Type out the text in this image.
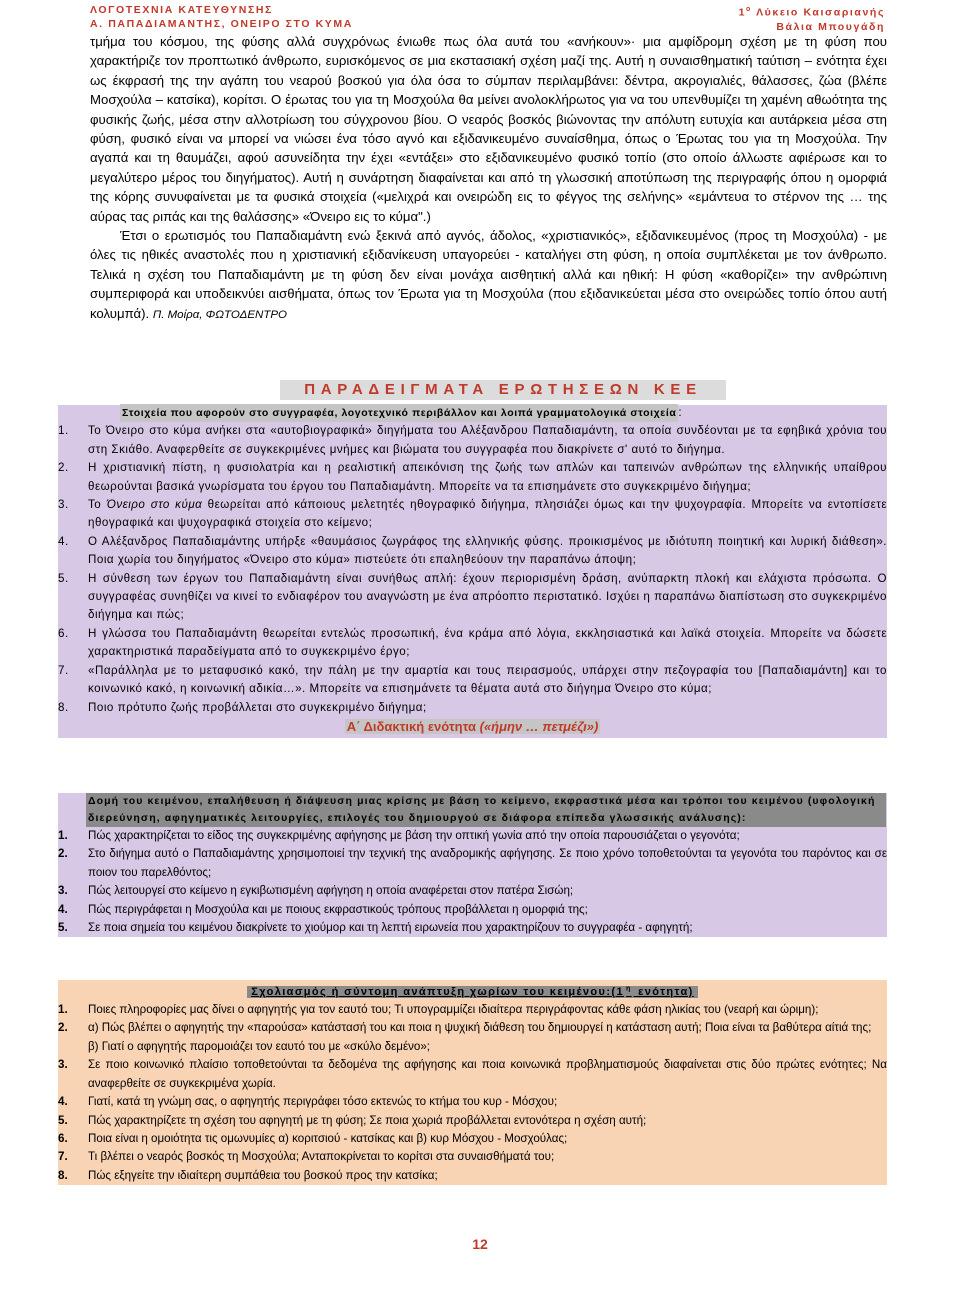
ΛΟΓΟΤΕΧΝΙΑ ΚΑΤΕΥΘΥΝΣΗΣ
Α. ΠΑΠΑΔΙΑΜΑΝΤΗΣ, ΟΝΕΙΡΟ ΣΤΟ ΚΥΜΑ
$1^o$ Λύκειο Καισαριανής
Βάλια Μπουγάδη

τμήμα του κόσμου, της φύσης αλλά συγχρόνως ένιωθε πως όλα αυτά του «ανήκουν»· μια αμφίδρομη σχέση με τη φύση που χαρακτήριζε τον προπτωτικό άνθρωπο, ευρισκόμενος σε μια εκστασιακή σχέση μαζί της. Αυτή η συναισθηματική ταύτιση – ενότητα έχει ως έκφρασή της την αγάπη του νεαρού βοσκού για όλα όσα το σύμπαν περιλαμβάνει: δέντρα, ακρογιαλιές, θάλασσες, ζώα (βλέπε Μοσχούλα – κατσίκα), κορίτσι. Ο έρωτας του για τη Μοσχούλα θα μείνει ανολοκλήρωτος για να του υπενθυμίζει τη χαμένη αθωότητα της φυσικής ζωής, μέσα στην αλλοτρίωση του σύγχρονου βίου. Ο νεαρός βοσκός βιώνοντας την απόλυτη ευτυχία και αυτάρκεια μέσα στη φύση, φυσικό είναι να μπορεί να νιώσει ένα τόσο αγνό και εξιδανικευμένο συναίσθημα, όπως ο Έρωτας του για τη Μοσχούλα. Την αγαπά και τη θαυμάζει, αφού ασυνείδητα την έχει «εντάξει» στο εξιδανικευμένο φυσικό τοπίο (στο οποίο άλλωστε αφιέρωσε και το μεγαλύτερο μέρος του διηγήματος). Αυτή η συνάρτηση διαφαίνεται και από τη γλωσσική αποτύπωση της περιγραφής όπου η ομορφιά της κόρης συνυφαίνεται με τα φυσικά στοιχεία («μελιχρά και ονειρώδη εις το φέγγος της σελήνης» «εμάντευα το στέρνον της … της αύρας τας ριπάς και της θαλάσσης» «Όνειρο εις το κύμα".)

Έτσι ο ερωτισμός του Παπαδιαμάντη ενώ ξεκινά από αγνός, άδολος, «χριστιανικός», εξιδανικευμένος (προς τη Μοσχούλα) - με όλες τις ηθικές αναστολές που η χριστιανική εξιδανίκευση υπαγορεύει - καταλήγει στη φύση, η οποία συμπλέκεται με τον άνθρωπο. Τελικά η σχέση του Παπαδιαμάντη με τη φύση δεν είναι μονάχα αισθητική αλλά και ηθική: Η φύση «καθορίζει» την ανθρώπινη συμπεριφορά και υποδεικνύει αισθήματα, όπως τον Έρωτα για τη Μοσχούλα (που εξιδανικεύεται μέσα στο ονειρώδες τοπίο όπου αυτή κολυμπά). Π. Μοίρα, ΦΩΤΟΔΕΝΤΡΟ

ΠΑΡΑΔΕΙΓΜΑΤΑ ΕΡΩΤΗΣΕΩΝ ΚΕΕ
Στοιχεία που αφορούν στο συγγραφέα, λογοτεχνικό περιβάλλον και λοιπά γραμματολογικά στοιχεία :
1. Το Όνειρο στο κύμα ανήκει στα «αυτοβιογραφικά» διηγήματα του Αλέξανδρου Παπαδιαμάντη, τα οποία συνδέονται με τα εφηβικά χρόνια του στη Σκιάθο. Αναφερθείτε σε συγκεκριμένες μνήμες και βιώματα του συγγραφέα που διακρίνετε σ' αυτό το διήγημα.
2. Η χριστιανική πίστη, η φυσιολατρία και η ρεαλιστική απεικόνιση της ζωής των απλών και ταπεινών ανθρώπων της ελληνικής υπαίθρου θεωρούνται βασικά γνωρίσματα του έργου του Παπαδιαμάντη. Μπορείτε να τα επισημάνετε στο συγκεκριμένο διήγημα;
3. Το Όνειρο στο κύμα θεωρείται από κάποιους μελετητές ηθογραφικό διήγημα, πλησιάζει όμως και την ψυχογραφία. Μπορείτε να εντοπίσετε ηθογραφικά και ψυχογραφικά στοιχεία στο κείμενο;
4. Ο Αλέξανδρος Παπαδιαμάντης υπήρξε «θαυμάσιος ζωγράφος της ελληνικής φύσης. προικισμένος με ιδιότυπη ποιητική και λυρική διάθεση». Ποια χωρία του διηγήματος «Όνειρο στο κύμα» πιστεύετε ότι επαληθεύουν την παραπάνω άποψη;
5. Η σύνθεση των έργων του Παπαδιαμάντη είναι συνήθως απλή: έχουν περιορισμένη δράση, ανύπαρκτη πλοκή και ελάχιστα πρόσωπα. Ο συγγραφέας συνηθίζει να κινεί το ενδιαφέρον του αναγνώστη με ένα απρόοπτο περιστατικό. Ισχύει η παραπάνω διαπίστωση στο συγκεκριμένο διήγημα και πώς;
6. Η γλώσσα του Παπαδιαμάντη θεωρείται εντελώς προσωπική, ένα κράμα από λόγια, εκκλησιαστικά και λαϊκά στοιχεία. Μπορείτε να δώσετε χαρακτηριστικά παραδείγματα από το συγκεκριμένο έργο;
7. «Παράλληλα με το μεταφυσικό κακό, την πάλη με την αμαρτία και τους πειρασμούς, υπάρχει στην πεζογραφία του [Παπαδιαμάντη] και το κοινωνικό κακό, η κοινωνική αδικία…». Μπορείτε να επισημάνετε τα θέματα αυτά στο διήγημα Όνειρο στο κύμα;
8. Ποιο πρότυπο ζωής προβάλλεται στο συγκεκριμένο διήγημα;
Α΄ Διδακτική ενότητα («ήμην … πετμέζι»)
Δομή του κειμένου, επαλήθευση ή διάψευση μιας κρίσης με βάση το κείμενο, εκφραστικά μέσα και τρόποι του κειμένου (υφολογική διερεύνηση, αφηγηματικές λειτουργίες, επιλογές του δημιουργού σε διάφορα επίπεδα γλωσσικής ανάλυσης):
1. Πώς χαρακτηρίζεται το είδος της συγκεκριμένης αφήγησης με βάση την οπτική γωνία από την οποία παρουσιάζεται ο γεγονότα;
2. Στο διήγημα αυτό ο Παπαδιαμάντης χρησιμοποιεί την τεχνική της αναδρομικής αφήγησης. Σε ποιο χρόνο τοποθετούνται τα γεγονότα του παρόντος και σε ποιον του παρελθόντος;
3. Πώς λειτουργεί στο κείμενο η εγκιβωτισμένη αφήγηση η οποία αναφέρεται στον πατέρα Σισώη;
4. Πώς περιγράφεται η Μοσχούλα και με ποιους εκφραστικούς τρόπους προβάλλεται η ομορφιά της;
5. Σε ποια σημεία του κειμένου διακρίνετε το χιούμορ και τη λεπτή ειρωνεία που χαρακτηρίζουν το συγγραφέα - αφηγητή;
Σχολιασμός ή σύντομη ανάπτυξη χωρίων του κειμένου:(1 $^\eta$ ενότητα)
1. Ποιες πληροφορίες μας δίνει ο αφηγητής για τον εαυτό του; Τι υπογραμμίζει ιδιαίτερα περιγράφοντας κάθε φάση ηλικίας του (νεαρή και ώριμη);
2. α) Πώς βλέπει ο αφηγητής την «παρούσα» κατάστασή του και ποια η ψυχική διάθεση του δημιουργεί η κατάσταση αυτή; Ποια είναι τα βαθύτερα αίτιά της;
β) Γιατί ο αφηγητής παρομοιάζει τον εαυτό του με «σκύλο δεμένο»;
3. Σε ποιο κοινωνικό πλαίσιο τοποθετούνται τα δεδομένα της αφήγησης και ποια κοινωνικά προβληματισμούς διαφαίνεται στις δύο πρώτες ενότητες; Να αναφερθείτε σε συγκεκριμένα χωρία.
4. Γιατί, κατά τη γνώμη σας, ο αφηγητής περιγράφει τόσο εκτενώς το κτήμα του κυρ - Μόσχου;
5. Πώς χαρακτηρίζετε τη σχέση του αφηγητή με τη φύση; Σε ποια χωριά προβάλλεται εντονότερα η σχέση αυτή;
6. Ποια είναι η ομοιότητα τις ομωνυμίες α) κοριτσιού - κατσίκας και β) κυρ Μόσχου - Μοσχούλας;
7. Τι βλέπει ο νεαρός βοσκός τη Μοσχούλα; Ανταποκρίνεται το κορίτσι στα συναισθήματά του;
8. Πώς εξηγείτε την ιδιαίτερη συμπάθεια του βοσκού προς την κατσίκα;
12
